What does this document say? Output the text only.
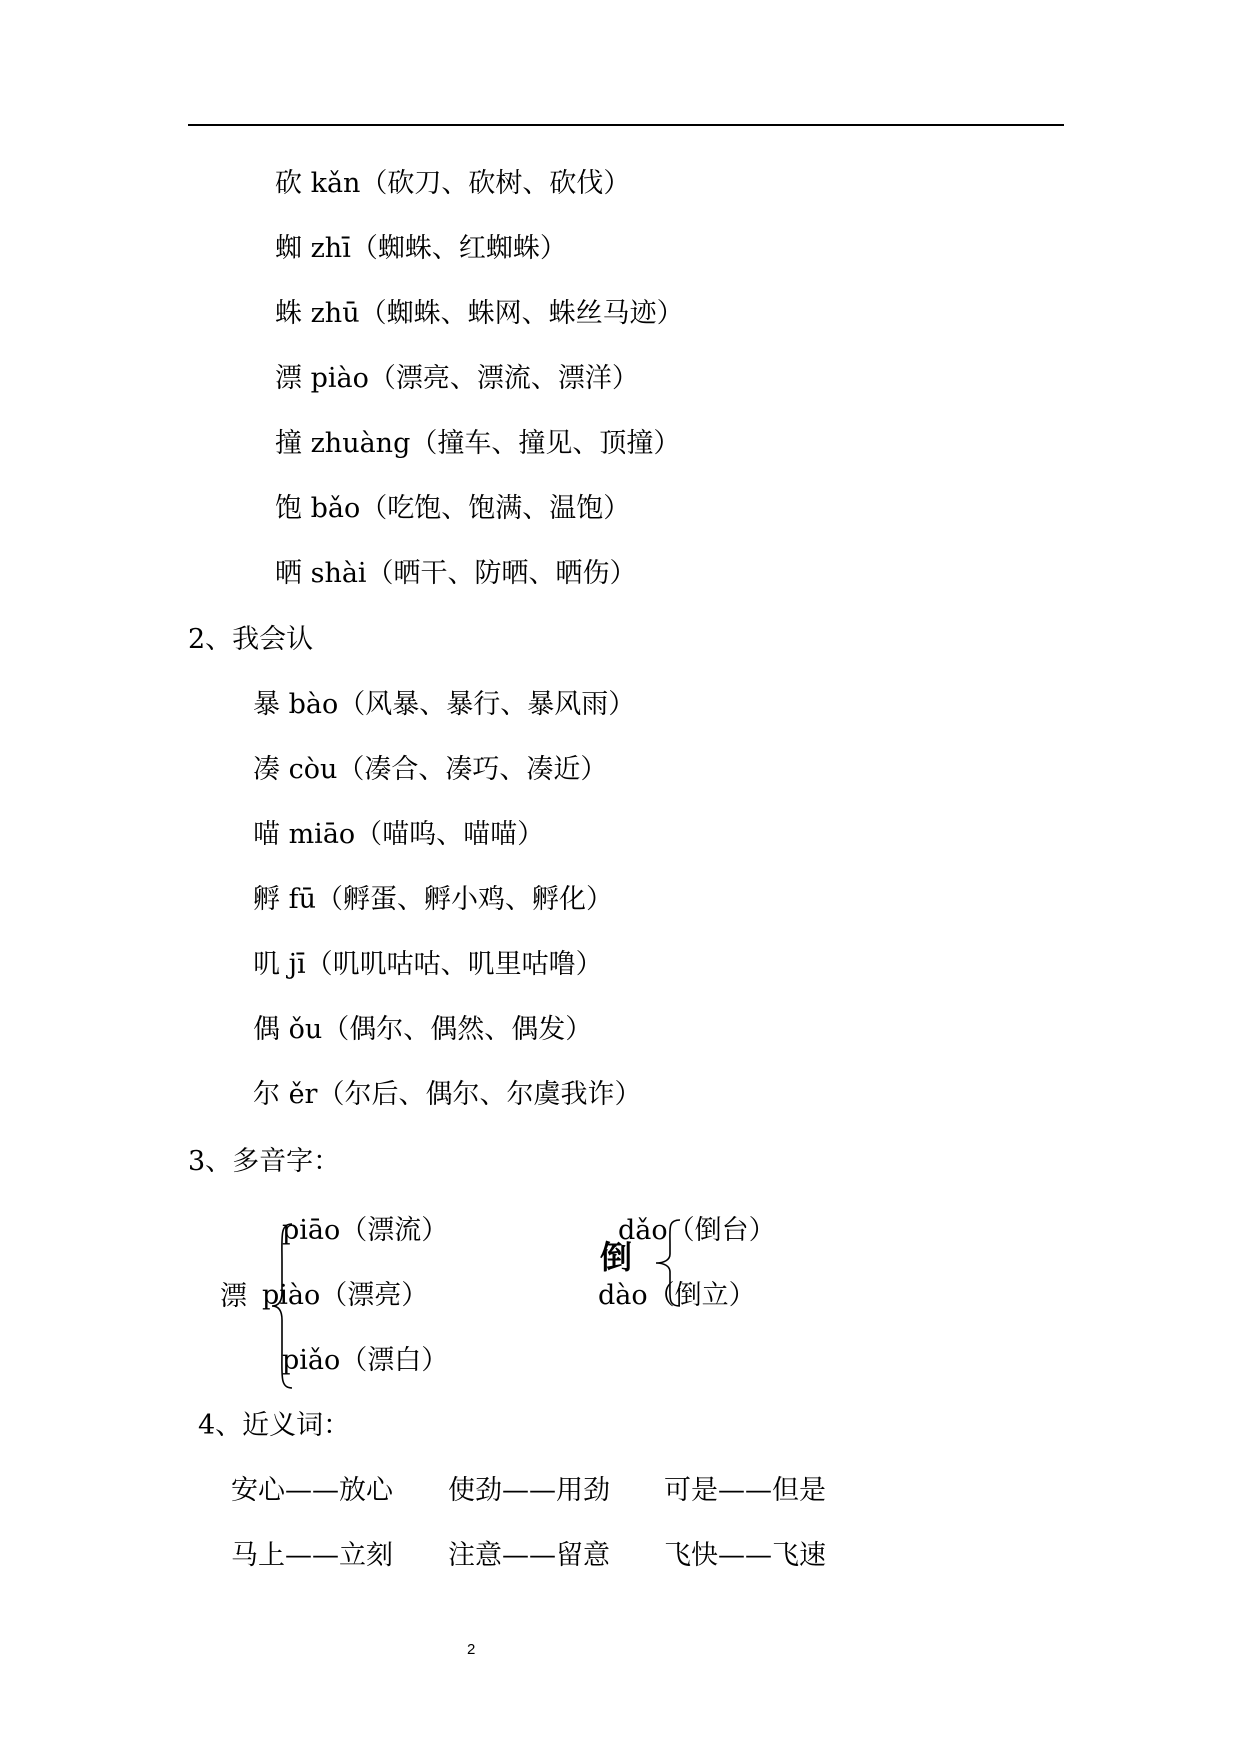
砍 kǎn（砍刀、砍树、砍伐）
蜘 zhī（蜘蛛、红蜘蛛）
蛛 zhū（蜘蛛、蛛网、蛛丝马迹）
漂 piào（漂亮、漂流、漂洋）
撞 zhuàng（撞车、撞见、顶撞）
饱 bǎo（吃饱、饱满、温饱）
晒 shài（晒干、防晒、晒伤）
2、我会认
暴 bào（风暴、暴行、暴风雨）
凑 còu（凑合、凑巧、凑近）
喵 miāo（喵呜、喵喵）
孵 fū（孵蛋、孵小鸡、孵化）
叽 jī（叽叽咕咕、叽里咕噜）
偶 ǒu（偶尔、偶然、偶发）
尔 ěr（尔后、偶尔、尔虞我诈）
3、多音字：
漂
piāo（漂流）
piào（漂亮）
piǎo（漂白）
dǎo（倒台）
倒
dào（倒立）
4、近义词：
安心——放心 使劲——用劲 可是——但是
马上——立刻 注意——留意 飞快——飞速
2
